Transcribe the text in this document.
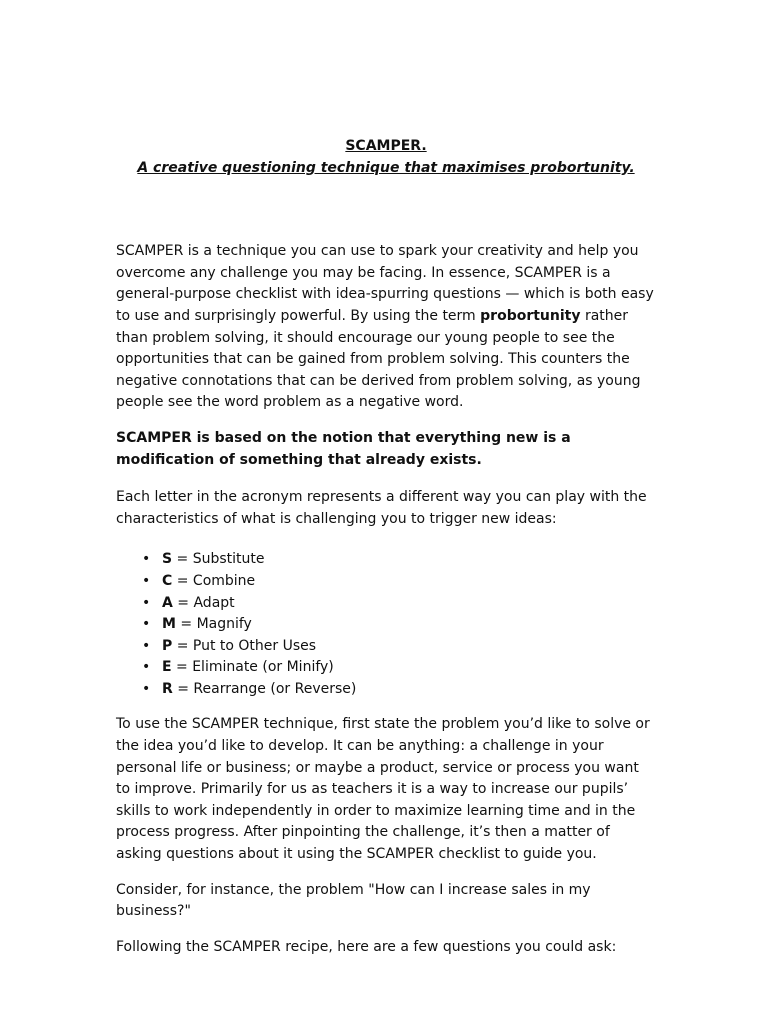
SCAMPER.
A creative questioning technique that maximises probortunity.

SCAMPER is a technique you can use to spark your creativity and help you overcome any challenge you may be facing. In essence, SCAMPER is a general-purpose checklist with idea-spurring questions — which is both easy to use and surprisingly powerful. By using the term probortunity rather than problem solving, it should encourage our young people to see the opportunities that can be gained from problem solving. This counters the negative connotations that can be derived from problem solving, as young people see the word problem as a negative word.

SCAMPER is based on the notion that everything new is a modification of something that already exists.

Each letter in the acronym represents a different way you can play with the characteristics of what is challenging you to trigger new ideas:

• S = Substitute
• C = Combine
• A = Adapt
• M = Magnify
• P = Put to Other Uses
• E = Eliminate (or Minify)
• R = Rearrange (or Reverse)

To use the SCAMPER technique, first state the problem you’d like to solve or the idea you’d like to develop. It can be anything: a challenge in your personal life or business; or maybe a product, service or process you want to improve. Primarily for us as teachers it is a way to increase our pupils’ skills to work independently in order to maximize learning time and in the process progress. After pinpointing the challenge, it’s then a matter of asking questions about it using the SCAMPER checklist to guide you.

Consider, for instance, the problem "How can I increase sales in my business?"

Following the SCAMPER recipe, here are a few questions you could ask:
